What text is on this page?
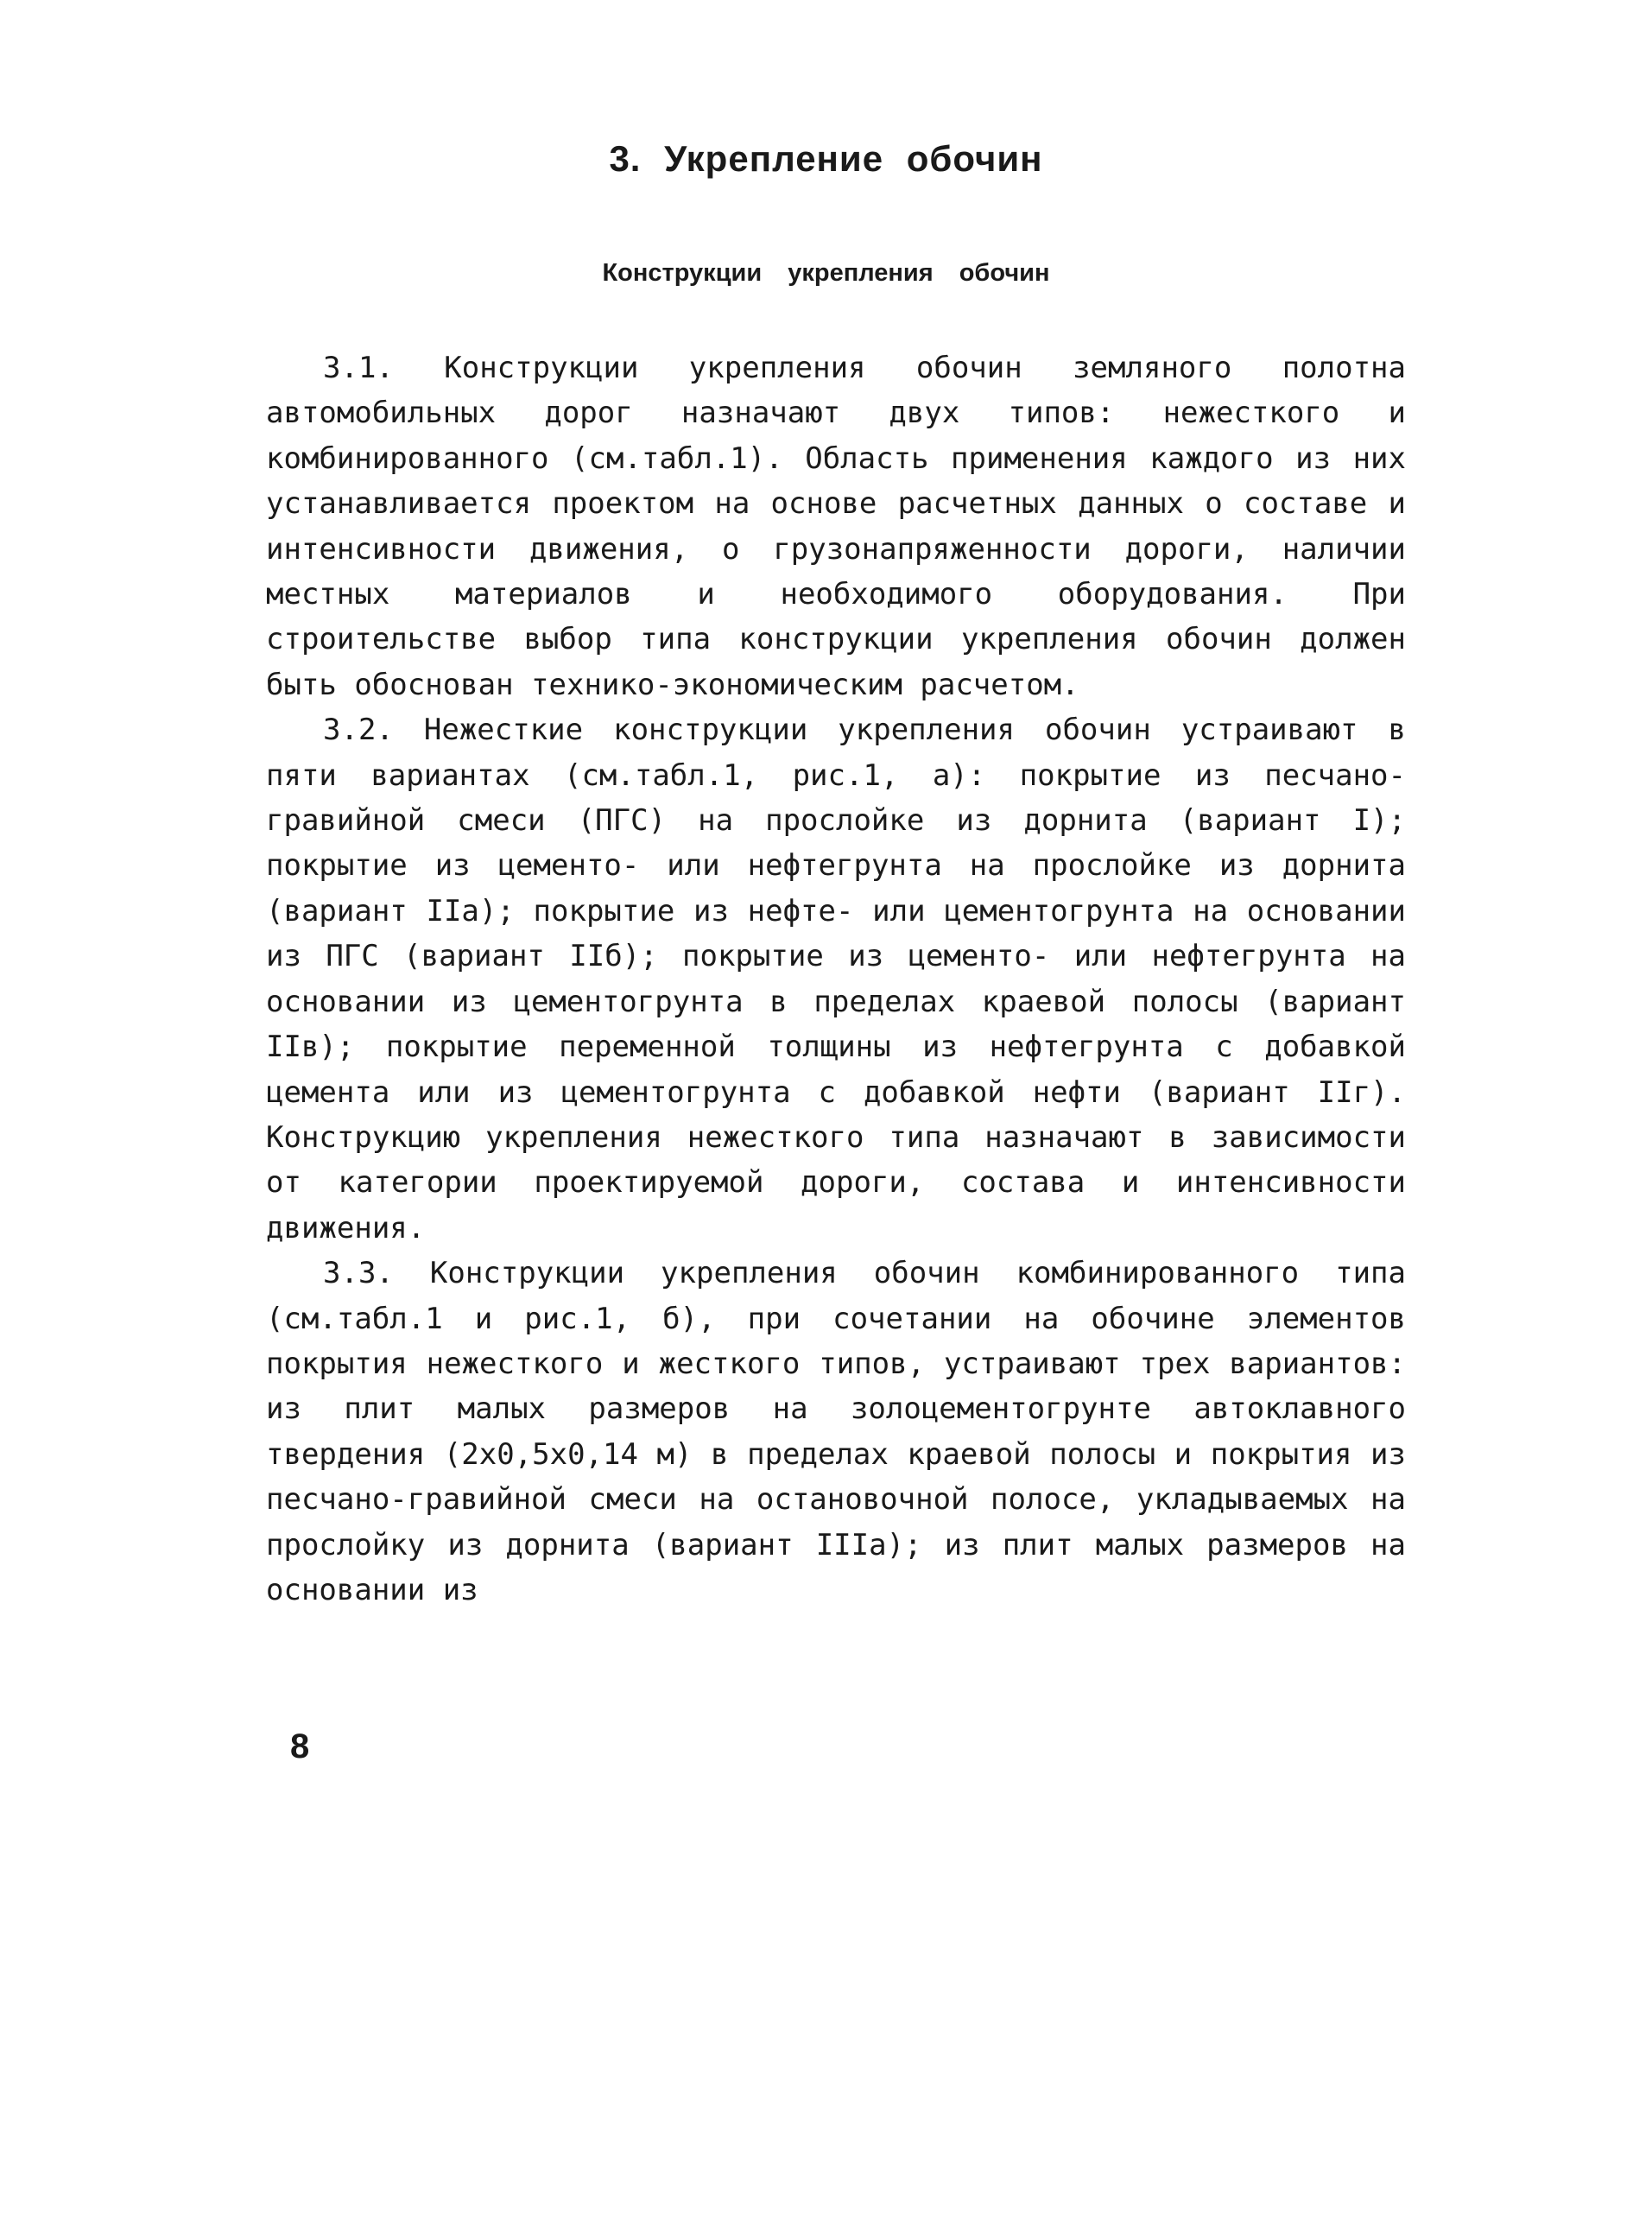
3. Укрепление обочин
Конструкции укрепления обочин

3.1. Конструкции укрепления обочин земляного полотна автомобильных дорог назначают двух типов: нежесткого и комбинированного (см.табл.1). Область применения каждого из них устанавливается проектом на основе расчетных данных о составе и интенсивности движения, о грузонапряженности дороги, наличии местных материалов и необходимого оборудования. При строительстве выбор типа конструкции укрепления обочин должен быть обоснован технико-экономическим расчетом.

3.2. Нежесткие конструкции укрепления обочин устраивают в пяти вариантах (см.табл.1, рис.1, а): покрытие из песчано-гравийной смеси (ПГС) на прослойке из дорнита (вариант I); покрытие из цементо- или нефтегрунта на прослойке из дорнита (вариант IIа); покрытие из нефте- или цементогрунта на основании из ПГС (вариант IIб); покрытие из цементо- или нефтегрунта на основании из цементогрунта в пределах краевой полосы (вариант IIв); покрытие переменной толщины из нефтегрунта с добавкой цемента или из цементогрунта с добавкой нефти (вариант IIг). Конструкцию укрепления нежесткого типа назначают в зависимости от категории проектируемой дороги, состава и интенсивности движения.

3.3. Конструкции укрепления обочин комбинированного типа (см.табл.1 и рис.1, б), при сочетании на обочине элементов покрытия нежесткого и жесткого типов, устраивают трех вариантов: из плит малых размеров на золоцементогрунте автоклавного твердения (2х0,5х0,14 м) в пределах краевой полосы и покрытия из песчано-гравийной смеси на остановочной полосе, укладываемых на прослойку из дорнита (вариант IIIа); из плит малых размеров на основании из

8
